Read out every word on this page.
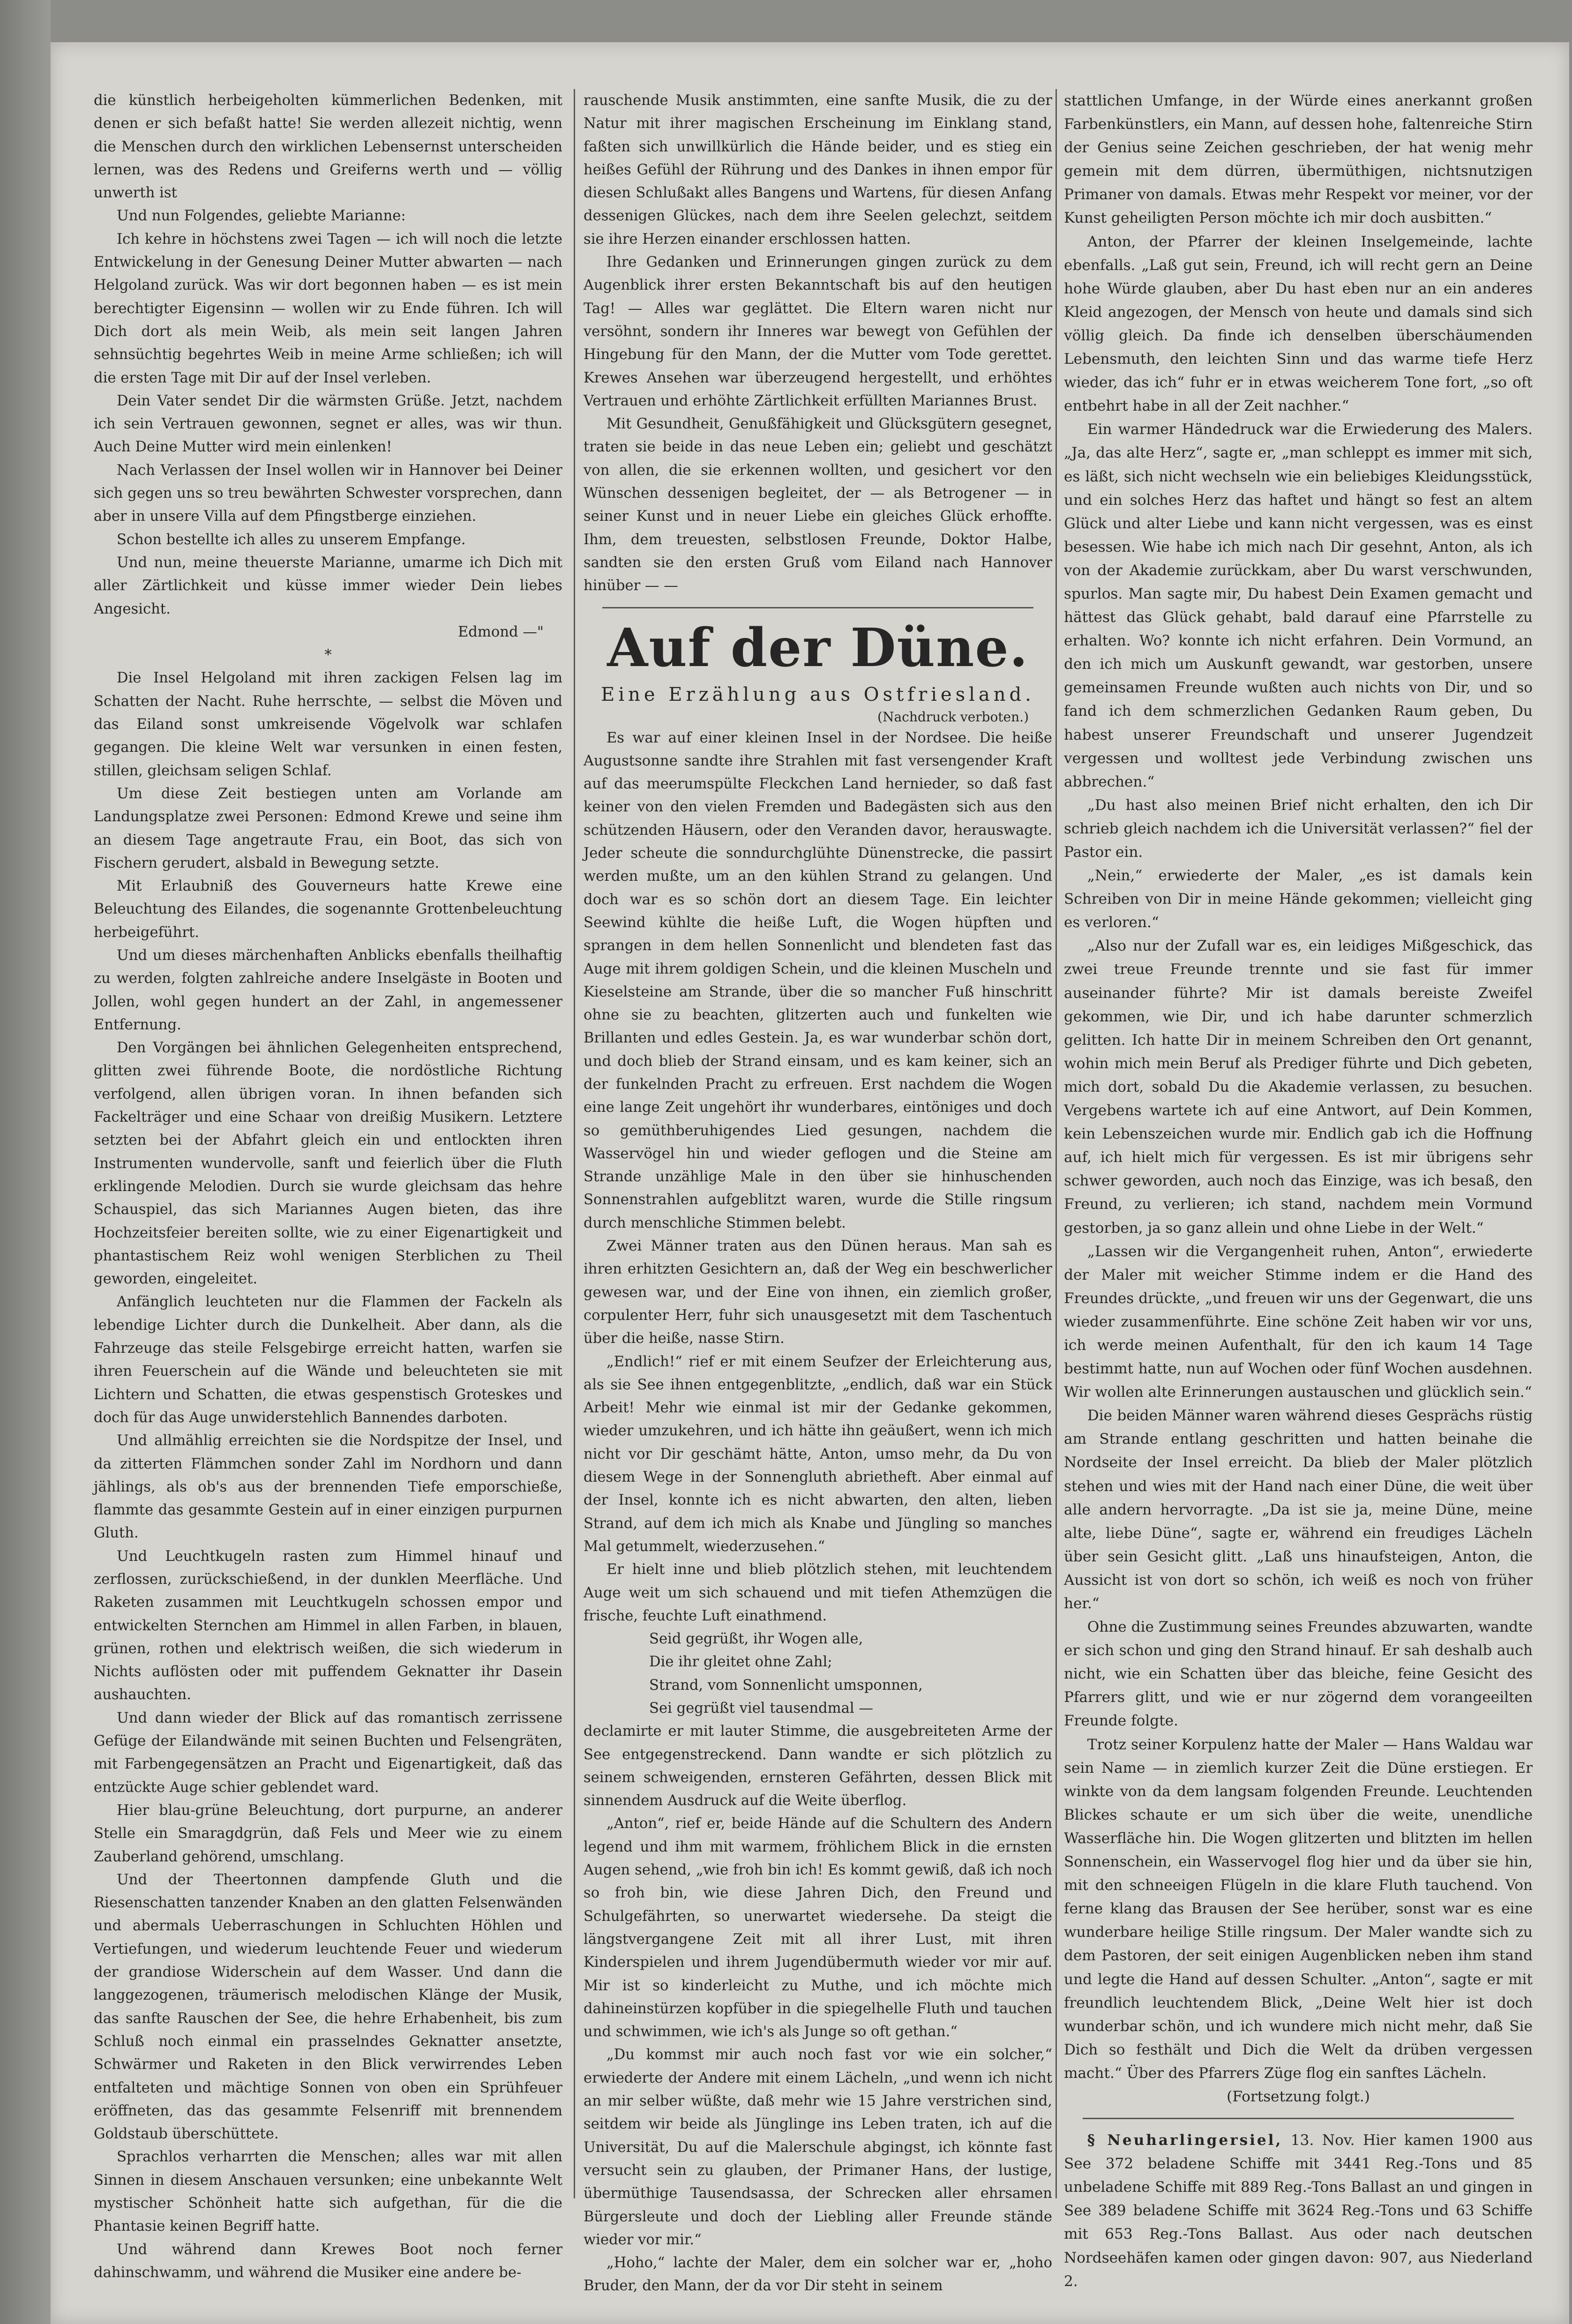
die künstlich herbeigeholten kümmerlichen Bedenken, mit denen er sich befaßt hatte! Sie werden allezeit nichtig, wenn die Menschen durch den wirklichen Lebensernst unterscheiden lernen, was des Redens und Greiferns werth und — völlig unwerth ist

Und nun Folgendes, geliebte Marianne:

Ich kehre in höchstens zwei Tagen — ich will noch die letzte Entwickelung in der Genesung Deiner Mutter abwarten — nach Helgoland zurück. Was wir dort begonnen haben — es ist mein berechtigter Eigensinn — wollen wir zu Ende führen. Ich will Dich dort als mein Weib, als mein seit langen Jahren sehnsüchtig begehrtes Weib in meine Arme schließen; ich will die ersten Tage mit Dir auf der Insel verleben.

Dein Vater sendet Dir die wärmsten Grüße. Jetzt, nachdem ich sein Vertrauen gewonnen, segnet er alles, was wir thun. Auch Deine Mutter wird mein einlenken!

Nach Verlassen der Insel wollen wir in Hannover bei Deiner sich gegen uns so treu bewährten Schwester vorsprechen, dann aber in unsere Villa auf dem Pfingstberge einziehen.

Schon bestellte ich alles zu unserem Empfange.

Und nun, meine theuerste Marianne, umarme ich Dich mit aller Zärtlichkeit und küsse immer wieder Dein liebes Angesicht.

Edmond —"

*

Die Insel Helgoland mit ihren zackigen Felsen lag im Schatten der Nacht. Ruhe herrschte, — selbst die Möven und das Eiland sonst umkreisende Vögelvolk war schlafen gegangen. Die kleine Welt war versunken in einen festen, stillen, gleichsam seligen Schlaf.

Um diese Zeit bestiegen unten am Vorlande am Landungsplatze zwei Personen: Edmond Krewe und seine ihm an diesem Tage angetraute Frau, ein Boot, das sich von Fischern gerudert, alsbald in Bewegung setzte.

Mit Erlaubniß des Gouverneurs hatte Krewe eine Beleuchtung des Eilandes, die sogenannte Grottenbeleuchtung herbeigeführt.

Und um dieses märchenhaften Anblicks ebenfalls theilhaftig zu werden, folgten zahlreiche andere Inselgäste in Booten und Jollen, wohl gegen hundert an der Zahl, in angemessener Entfernung.

Den Vorgängen bei ähnlichen Gelegenheiten entsprechend, glitten zwei führende Boote, die nordöstliche Richtung verfolgend, allen übrigen voran. In ihnen befanden sich Fackelträger und eine Schaar von dreißig Musikern. Letztere setzten bei der Abfahrt gleich ein und entlockten ihren Instrumenten wundervolle, sanft und feierlich über die Fluth erklingende Melodien. Durch sie wurde gleichsam das hehre Schauspiel, das sich Mariannes Augen bieten, das ihre Hochzeitsfeier bereiten sollte, wie zu einer Eigenartigkeit und phantastischem Reiz wohl wenigen Sterblichen zu Theil geworden, eingeleitet.

Anfänglich leuchteten nur die Flammen der Fackeln als lebendige Lichter durch die Dunkelheit. Aber dann, als die Fahrzeuge das steile Felsgebirge erreicht hatten, warfen sie ihren Feuerschein auf die Wände und beleuchteten sie mit Lichtern und Schatten, die etwas gespenstisch Groteskes und doch für das Auge unwiderstehlich Bannendes darboten.

Und allmählig erreichten sie die Nordspitze der Insel, und da zitterten Flämmchen sonder Zahl im Nordhorn und dann jählings, als ob's aus der brennenden Tiefe emporschieße, flammte das gesammte Gestein auf in einer einzigen purpurnen Gluth.

Und Leuchtkugeln rasten zum Himmel hinauf und zerflossen, zurückschießend, in der dunklen Meerfläche. Und Raketen zusammen mit Leuchtkugeln schossen empor und entwickelten Sternchen am Himmel in allen Farben, in blauen, grünen, rothen und elektrisch weißen, die sich wiederum in Nichts auflösten oder mit puffendem Geknatter ihr Dasein aushauchten.

Und dann wieder der Blick auf das romantisch zerrissene Gefüge der Eilandwände mit seinen Buchten und Felsengräten, mit Farbengegensätzen an Pracht und Eigenartigkeit, daß das entzückte Auge schier geblendet ward.

Hier blau-grüne Beleuchtung, dort purpurne, an anderer Stelle ein Smaragdgrün, daß Fels und Meer wie zu einem Zauberland gehörend, umschlang.

Und der Theertonnen dampfende Gluth und die Riesenschatten tanzender Knaben an den glatten Felsenwänden und abermals Ueberraschungen in Schluchten Höhlen und Vertiefungen, und wiederum leuchtende Feuer und wiederum der grandiose Widerschein auf dem Wasser. Und dann die langgezogenen, träumerisch melodischen Klänge der Musik, das sanfte Rauschen der See, die hehre Erhabenheit, bis zum Schluß noch einmal ein prasselndes Geknatter ansetzte, Schwärmer und Raketen in den Blick verwirrendes Leben entfalteten und mächtige Sonnen von oben ein Sprühfeuer eröffneten, das das gesammte Felsenriff mit brennendem Goldstaub überschüttete.

Sprachlos verharrten die Menschen; alles war mit allen Sinnen in diesem Anschauen versunken; eine unbekannte Welt mystischer Schönheit hatte sich aufgethan, für die die Phantasie keinen Begriff hatte.

Und während dann Krewes Boot noch ferner dahinschwamm, und während die Musiker eine andere be-

rauschende Musik anstimmten, eine sanfte Musik, die zu der Natur mit ihrer magischen Erscheinung im Einklang stand, faßten sich unwillkürlich die Hände beider, und es stieg ein heißes Gefühl der Rührung und des Dankes in ihnen empor für diesen Schlußakt alles Bangens und Wartens, für diesen Anfang dessenigen Glückes, nach dem ihre Seelen gelechzt, seitdem sie ihre Herzen einander erschlossen hatten.

Ihre Gedanken und Erinnerungen gingen zurück zu dem Augenblick ihrer ersten Bekanntschaft bis auf den heutigen Tag! — Alles war geglättet. Die Eltern waren nicht nur versöhnt, sondern ihr Inneres war bewegt von Gefühlen der Hingebung für den Mann, der die Mutter vom Tode gerettet. Krewes Ansehen war überzeugend hergestellt, und erhöhtes Vertrauen und erhöhte Zärtlichkeit erfüllten Mariannes Brust.

Mit Gesundheit, Genußfähigkeit und Glücksgütern gesegnet, traten sie beide in das neue Leben ein; geliebt und geschätzt von allen, die sie erkennen wollten, und gesichert vor den Wünschen dessenigen begleitet, der — als Betrogener — in seiner Kunst und in neuer Liebe ein gleiches Glück erhoffte. Ihm, dem treuesten, selbstlosen Freunde, Doktor Halbe, sandten sie den ersten Gruß vom Eiland nach Hannover hinüber — —

Auf der Düne.
Eine Erzählung aus Ostfriesland.
(Nachdruck verboten.)

Es war auf einer kleinen Insel in der Nordsee. Die heiße Augustsonne sandte ihre Strahlen mit fast versengender Kraft auf das meerumspülte Fleckchen Land hernieder, so daß fast keiner von den vielen Fremden und Badegästen sich aus den schützenden Häusern, oder den Veranden davor, herauswagte. Jeder scheute die sonndurchglühte Dünenstrecke, die passirt werden mußte, um an den kühlen Strand zu gelangen. Und doch war es so schön dort an diesem Tage. Ein leichter Seewind kühlte die heiße Luft, die Wogen hüpften und sprangen in dem hellen Sonnenlicht und blendeten fast das Auge mit ihrem goldigen Schein, und die kleinen Muscheln und Kieselsteine am Strande, über die so mancher Fuß hinschritt ohne sie zu beachten, glitzerten auch und funkelten wie Brillanten und edles Gestein. Ja, es war wunderbar schön dort, und doch blieb der Strand einsam, und es kam keiner, sich an der funkelnden Pracht zu erfreuen. Erst nachdem die Wogen eine lange Zeit ungehört ihr wunderbares, eintöniges und doch so gemüthberuhigendes Lied gesungen, nachdem die Wasservögel hin und wieder geflogen und die Steine am Strande unzählige Male in den über sie hinhuschenden Sonnenstrahlen aufgeblitzt waren, wurde die Stille ringsum durch menschliche Stimmen belebt.

Zwei Männer traten aus den Dünen heraus. Man sah es ihren erhitzten Gesichtern an, daß der Weg ein beschwerlicher gewesen war, und der Eine von ihnen, ein ziemlich großer, corpulenter Herr, fuhr sich unausgesetzt mit dem Taschentuch über die heiße, nasse Stirn.

„Endlich!“ rief er mit einem Seufzer der Erleichterung aus, als sie See ihnen entgegenblitzte, „endlich, daß war ein Stück Arbeit! Mehr wie einmal ist mir der Gedanke gekommen, wieder umzukehren, und ich hätte ihn geäußert, wenn ich mich nicht vor Dir geschämt hätte, Anton, umso mehr, da Du von diesem Wege in der Sonnengluth abrietheft. Aber einmal auf der Insel, konnte ich es nicht abwarten, den alten, lieben Strand, auf dem ich mich als Knabe und Jüngling so manches Mal getummelt, wiederzusehen.“

Er hielt inne und blieb plötzlich stehen, mit leuchtendem Auge weit um sich schauend und mit tiefen Athemzügen die frische, feuchte Luft einathmend.

Seid gegrüßt, ihr Wogen alle,

Die ihr gleitet ohne Zahl;

Strand, vom Sonnenlicht umsponnen,

Sei gegrüßt viel tausendmal —

declamirte er mit lauter Stimme, die ausgebreiteten Arme der See entgegenstreckend. Dann wandte er sich plötzlich zu seinem schweigenden, ernsteren Gefährten, dessen Blick mit sinnendem Ausdruck auf die Weite überflog.

„Anton“, rief er, beide Hände auf die Schultern des Andern legend und ihm mit warmem, fröhlichem Blick in die ernsten Augen sehend, „wie froh bin ich! Es kommt gewiß, daß ich noch so froh bin, wie diese Jahren Dich, den Freund und Schulgefährten, so unerwartet wiedersehe. Da steigt die längstvergangene Zeit mit all ihrer Lust, mit ihren Kinderspielen und ihrem Jugendübermuth wieder vor mir auf. Mir ist so kinderleicht zu Muthe, und ich möchte mich dahineinstürzen kopfüber in die spiegelhelle Fluth und tauchen und schwimmen, wie ich's als Junge so oft gethan.“

„Du kommst mir auch noch fast vor wie ein solcher,“ erwiederte der Andere mit einem Lächeln, „und wenn ich nicht an mir selber wüßte, daß mehr wie 15 Jahre verstrichen sind, seitdem wir beide als Jünglinge ins Leben traten, ich auf die Universität, Du auf die Malerschule abgingst, ich könnte fast versucht sein zu glauben, der Primaner Hans, der lustige, übermüthige Tausendsassa, der Schrecken aller ehrsamen Bürgersleute und doch der Liebling aller Freunde stände wieder vor mir.“

„Hoho,“ lachte der Maler, dem ein solcher war er, „hoho Bruder, den Mann, der da vor Dir steht in seinem

stattlichen Umfange, in der Würde eines anerkannt großen Farbenkünstlers, ein Mann, auf dessen hohe, faltenreiche Stirn der Genius seine Zeichen geschrieben, der hat wenig mehr gemein mit dem dürren, übermüthigen, nichtsnutzigen Primaner von damals. Etwas mehr Respekt vor meiner, vor der Kunst geheiligten Person möchte ich mir doch ausbitten.“

Anton, der Pfarrer der kleinen Inselgemeinde, lachte ebenfalls. „Laß gut sein, Freund, ich will recht gern an Deine hohe Würde glauben, aber Du hast eben nur an ein anderes Kleid angezogen, der Mensch von heute und damals sind sich völlig gleich. Da finde ich denselben überschäumenden Lebensmuth, den leichten Sinn und das warme tiefe Herz wieder, das ich“ fuhr er in etwas weicherem Tone fort, „so oft entbehrt habe in all der Zeit nachher.“

Ein warmer Händedruck war die Erwiederung des Malers. „Ja, das alte Herz“, sagte er, „man schleppt es immer mit sich, es läßt, sich nicht wechseln wie ein beliebiges Kleidungsstück, und ein solches Herz das haftet und hängt so fest an altem Glück und alter Liebe und kann nicht vergessen, was es einst besessen. Wie habe ich mich nach Dir gesehnt, Anton, als ich von der Akademie zurückkam, aber Du warst verschwunden, spurlos. Man sagte mir, Du habest Dein Examen gemacht und hättest das Glück gehabt, bald darauf eine Pfarrstelle zu erhalten. Wo? konnte ich nicht erfahren. Dein Vormund, an den ich mich um Auskunft gewandt, war gestorben, unsere gemeinsamen Freunde wußten auch nichts von Dir, und so fand ich dem schmerzlichen Gedanken Raum geben, Du habest unserer Freundschaft und unserer Jugendzeit vergessen und wolltest jede Verbindung zwischen uns abbrechen.“

„Du hast also meinen Brief nicht erhalten, den ich Dir schrieb gleich nachdem ich die Universität verlassen?“ fiel der Pastor ein.

„Nein,“ erwiederte der Maler, „es ist damals kein Schreiben von Dir in meine Hände gekommen; vielleicht ging es verloren.“

„Also nur der Zufall war es, ein leidiges Mißgeschick, das zwei treue Freunde trennte und sie fast für immer auseinander führte? Mir ist damals bereiste Zweifel gekommen, wie Dir, und ich habe darunter schmerzlich gelitten. Ich hatte Dir in meinem Schreiben den Ort genannt, wohin mich mein Beruf als Prediger führte und Dich gebeten, mich dort, sobald Du die Akademie verlassen, zu besuchen. Vergebens wartete ich auf eine Antwort, auf Dein Kommen, kein Lebenszeichen wurde mir. Endlich gab ich die Hoffnung auf, ich hielt mich für vergessen. Es ist mir übrigens sehr schwer geworden, auch noch das Einzige, was ich besaß, den Freund, zu verlieren; ich stand, nachdem mein Vormund gestorben, ja so ganz allein und ohne Liebe in der Welt.“

„Lassen wir die Vergangenheit ruhen, Anton“, erwiederte der Maler mit weicher Stimme indem er die Hand des Freundes drückte, „und freuen wir uns der Gegenwart, die uns wieder zusammenführte. Eine schöne Zeit haben wir vor uns, ich werde meinen Aufenthalt, für den ich kaum 14 Tage bestimmt hatte, nun auf Wochen oder fünf Wochen ausdehnen. Wir wollen alte Erinnerungen austauschen und glücklich sein.“

Die beiden Männer waren während dieses Gesprächs rüstig am Strande entlang geschritten und hatten beinahe die Nordseite der Insel erreicht. Da blieb der Maler plötzlich stehen und wies mit der Hand nach einer Düne, die weit über alle andern hervorragte. „Da ist sie ja, meine Düne, meine alte, liebe Düne“, sagte er, während ein freudiges Lächeln über sein Gesicht glitt. „Laß uns hinaufsteigen, Anton, die Aussicht ist von dort so schön, ich weiß es noch von früher her.“

Ohne die Zustimmung seines Freundes abzuwarten, wandte er sich schon und ging den Strand hinauf. Er sah deshalb auch nicht, wie ein Schatten über das bleiche, feine Gesicht des Pfarrers glitt, und wie er nur zögernd dem vorangeeilten Freunde folgte.

Trotz seiner Korpulenz hatte der Maler — Hans Waldau war sein Name — in ziemlich kurzer Zeit die Düne erstiegen. Er winkte von da dem langsam folgenden Freunde. Leuchtenden Blickes schaute er um sich über die weite, unendliche Wasserfläche hin. Die Wogen glitzerten und blitzten im hellen Sonnenschein, ein Wasservogel flog hier und da über sie hin, mit den schneeigen Flügeln in die klare Fluth tauchend. Von ferne klang das Brausen der See herüber, sonst war es eine wunderbare heilige Stille ringsum. Der Maler wandte sich zu dem Pastoren, der seit einigen Augenblicken neben ihm stand und legte die Hand auf dessen Schulter. „Anton“, sagte er mit freundlich leuchtendem Blick, „Deine Welt hier ist doch wunderbar schön, und ich wundere mich nicht mehr, daß Sie Dich so festhält und Dich die Welt da drüben vergessen macht.“ Über des Pfarrers Züge flog ein sanftes Lächeln.

(Fortsetzung folgt.)

§ Neuharlingersiel, 13. Nov. Hier kamen 1900 aus See 372 beladene Schiffe mit 3441 Reg.-Tons und 85 unbeladene Schiffe mit 889 Reg.-Tons Ballast an und gingen in See 389 beladene Schiffe mit 3624 Reg.-Tons und 63 Schiffe mit 653 Reg.-Tons Ballast. Aus oder nach deutschen Nordseehäfen kamen oder gingen davon: 907, aus Niederland 2.
